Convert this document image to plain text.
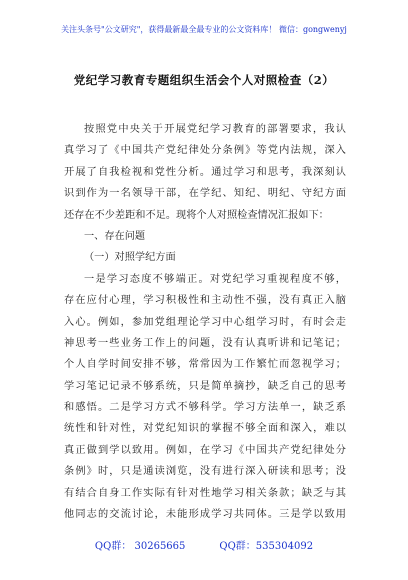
关注头条号"公文研究"，获得最新最全最专业的公文资料库！ 微信：gongwenyj
党纪学习教育专题组织生活会个人对照检查（2）
按照党中央关于开展党纪学习教育的部署要求，我认
真学习了《中国共产党纪律处分条例》等党内法规，深入
开展了自我检视和党性分析。通过学习和思考，我深刻认
识到作为一名领导干部，在学纪、知纪、明纪、守纪方面
还存在不少差距和不足。现将个人对照检查情况汇报如下：
一、存在问题
（一）对照学纪方面
一是学习态度不够端正。对党纪学习重视程度不够，
存在应付心理，学习积极性和主动性不强，没有真正入脑
入心。例如，参加党组理论学习中心组学习时，有时会走
神思考一些业务工作上的问题，没有认真听讲和记笔记；
个人自学时间安排不够，常常因为工作繁忙而忽视学习；
学习笔记记录不够系统，只是简单摘抄，缺乏自己的思考
和感悟。二是学习方式不够科学。学习方法单一，缺乏系
统性和针对性，对党纪知识的掌握不够全面和深入，难以
真正做到学以致用。例如，在学习《中国共产党纪律处分
条例》时，只是通读浏览，没有进行深入研读和思考；没
有结合自身工作实际有针对性地学习相关条款；缺乏与其
他同志的交流讨论，未能形成学习共同体。三是学以致用
QQ群： 30265665	QQ群：535304092
